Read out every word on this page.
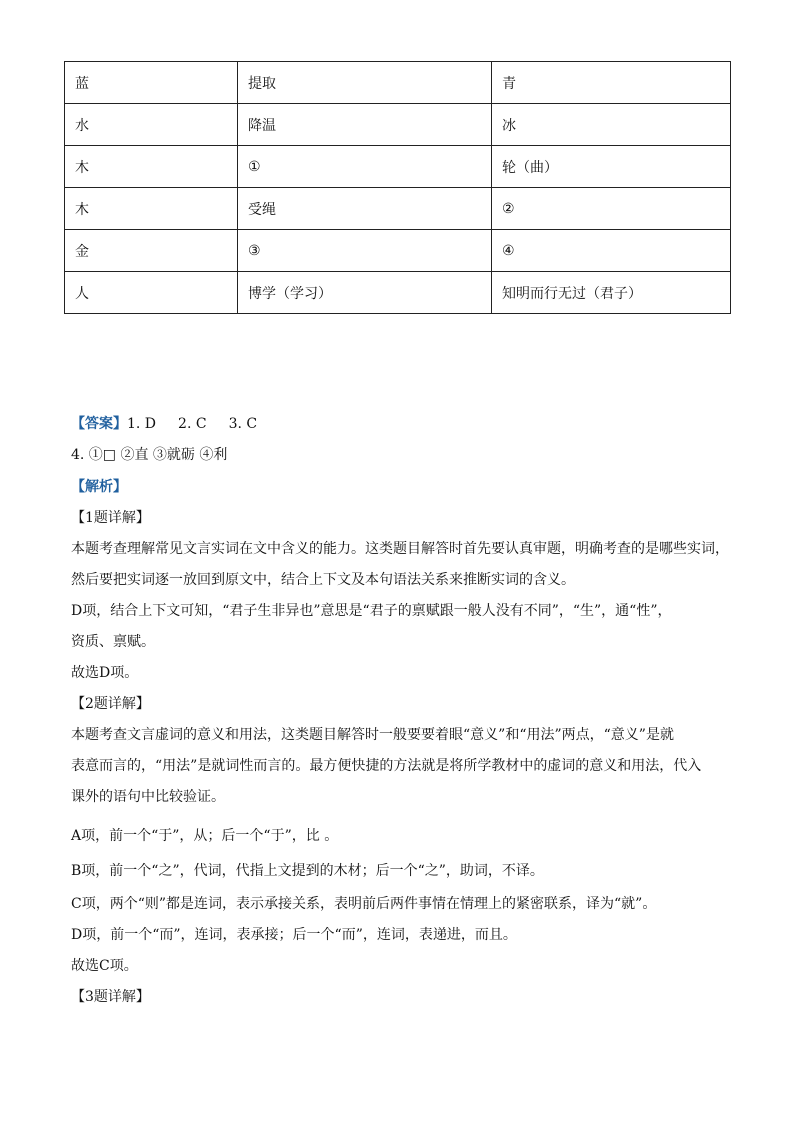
蓝	提取	青
水	降温	冰
木	①	轮（曲）
木	受绳	②
金	③	④
人	博学（学习）	知明而行无过（君子）
【答案】1. D 2. C 3. C
4. ①□ ②直 ③就砺 ④利
【解析】
【1题详解】
本题考查理解常见文言实词在文中含义的能力。这类题目解答时首先要认真审题，明确考查的是哪些实词，
然后要把实词逐一放回到原文中，结合上下文及本句语法关系来推断实词的含义。
D项，结合上下文可知，“君子生非异也”意思是“君子的禀赋跟一般人没有不同”，“生”，通“性”，
资质、禀赋。
故选D项。
【2题详解】
本题考查文言虚词的意义和用法，这类题目解答时一般要要着眼“意义”和“用法”两点，“意义”是就
表意而言的，“用法”是就词性而言的。最方便快捷的方法就是将所学教材中的虚词的意义和用法，代入
课外的语句中比较验证。
A项，前一个“于”，从；后一个“于”，比 。
B项，前一个“之”，代词，代指上文提到的木材；后一个“之”，助词，不译。
C项，两个“则”都是连词，表示承接关系，表明前后两件事情在情理上的紧密联系，译为“就”。
D项，前一个“而”，连词，表承接；后一个“而”，连词，表递进，而且。
故选C项。
【3题详解】
